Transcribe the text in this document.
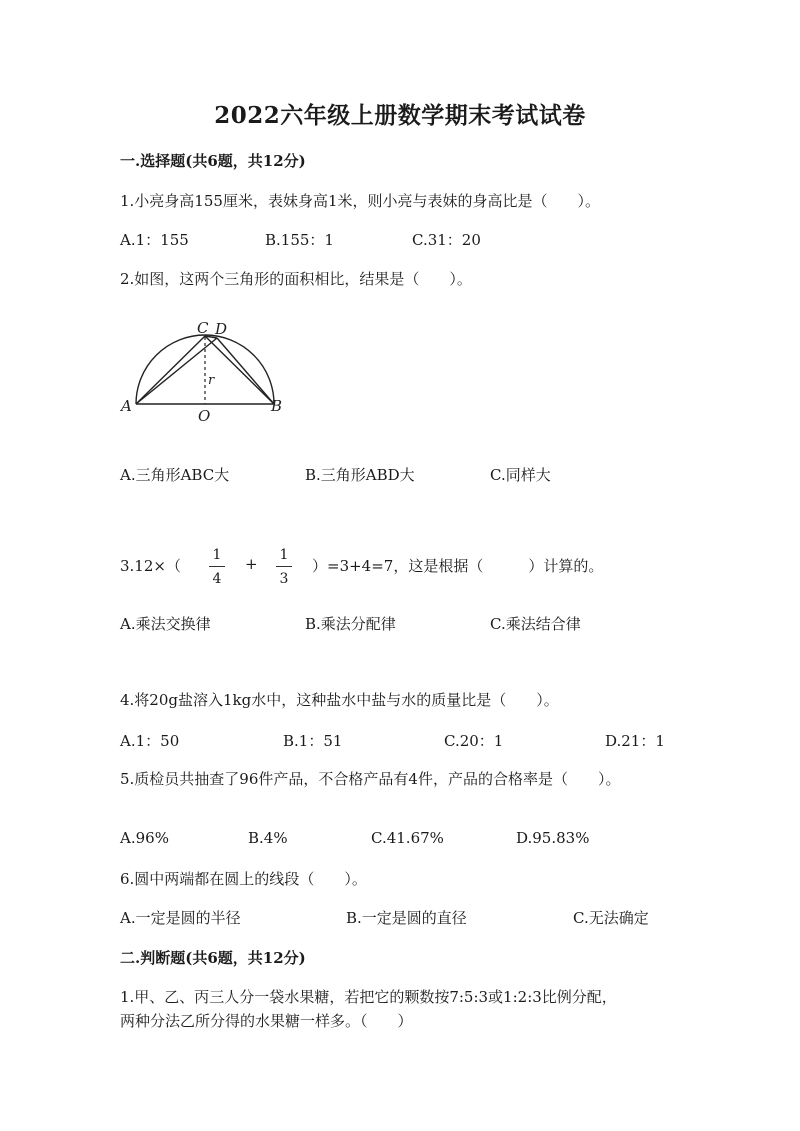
2022六年级上册数学期末考试试卷
一.选择题(共6题，共12分)
1.小亮身高155厘米，表妹身高1米，则小亮与表妹的身高比是（　　）。
A.1：155	B.155：1	C.31：20
2.如图，这两个三角形的面积相比，结果是（　　）。
C D
A
O
B
r
A.三角形ABC大	B.三角形ABD大	C.同样大
3.12×（
1
4
+	1
3
）=3+4=7，这是根据（　　　）计算的。
A.乘法交换律	B.乘法分配律	C.乘法结合律
4.将20g盐溶入1kg水中，这种盐水中盐与水的质量比是（　　）。
A.1：50	B.1：51	C.20：1	D.21：1
5.质检员共抽查了96件产品，不合格产品有4件，产品的合格率是（　　）。
A.96%	B.4%	C.41.67%	D.95.83%
6.圆中两端都在圆上的线段（　　）。
A.一定是圆的半径	B.一定是圆的直径	C.无法确定
二.判断题(共6题，共12分)
1.甲、乙、丙三人分一袋水果糖，若把它的颗数按7:5:3或1:2:3比例分配，
两种分法乙所分得的水果糖一样多。（　　）
